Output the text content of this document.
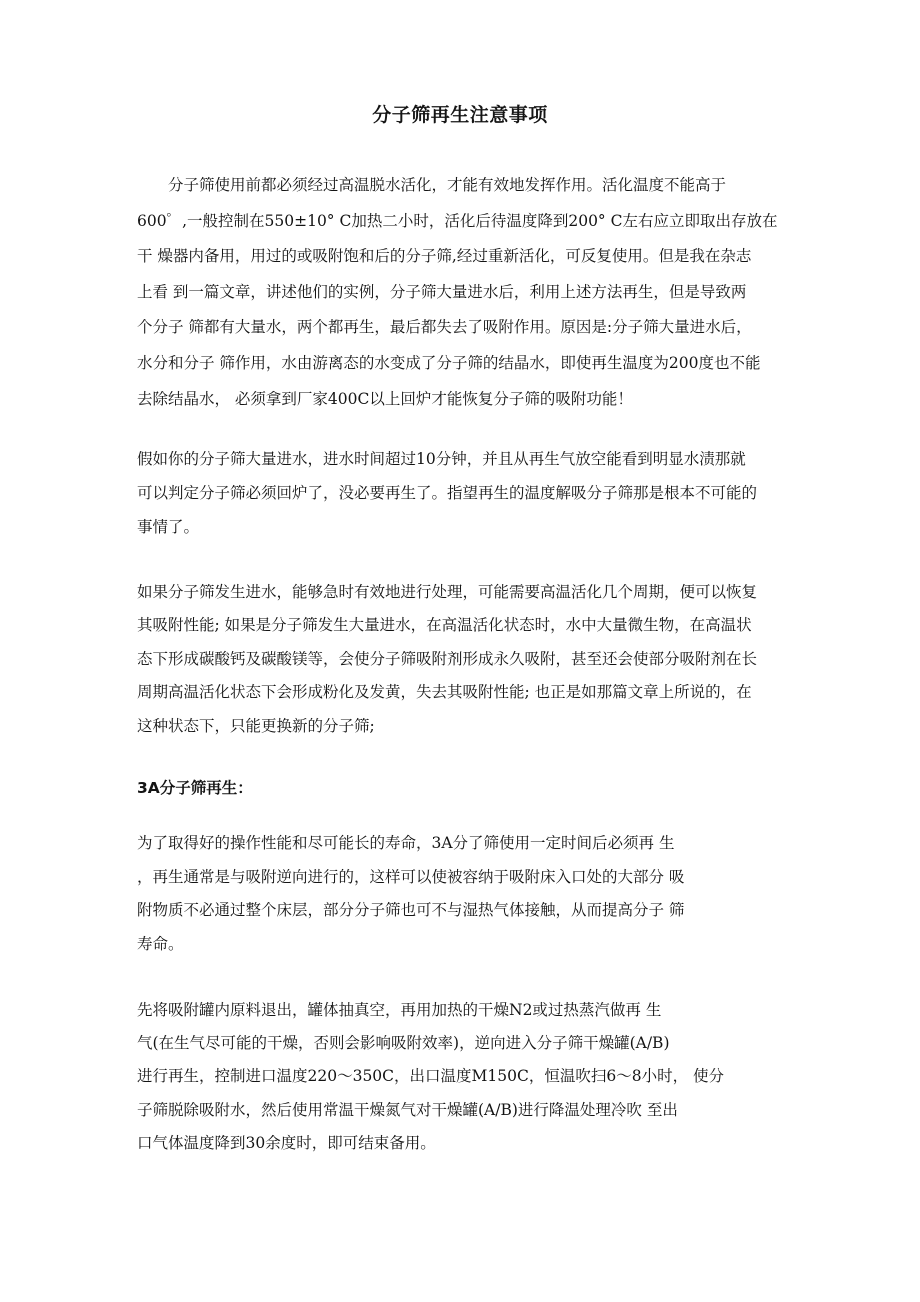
分子筛再生注意事项
　　分子筛使用前都必须经过高温脱水活化，才能有效地发挥作用。活化温度不能高于
600゜,一般控制在550±10° C加热二小时，活化后待温度降到200° C左右应立即取出存放在
干 燥器内备用，用过的或吸附饱和后的分子筛,经过重新活化，可反复使用。但是我在杂志
上看 到一篇文章，讲述他们的实例，分子筛大量进水后，利用上述方法再生，但是导致两
个分子 筛都有大量水，两个都再生，最后都失去了吸附作用。原因是:分子筛大量进水后，
水分和分子 筛作用，水由游离态的水变成了分子筛的结晶水，即使再生温度为200度也不能
去除结晶水， 必须拿到厂家400C以上回炉才能恢复分子筛的吸附功能！
假如你的分子筛大量进水，进水时间超过10分钟，并且从再生气放空能看到明显水渍那就
可以判定分子筛必须回炉了，没必要再生了。指望再生的温度解吸分子筛那是根本不可能的
事情了。
如果分子筛发生进水，能够急时有效地进行处理，可能需要高温活化几个周期，便可以恢复
其吸附性能; 如果是分子筛发生大量进水，在高温活化状态时，水中大量微生物，在高温状
态下形成碳酸钙及碳酸镁等，会使分子筛吸附剂形成永久吸附，甚至还会使部分吸附剂在长
周期高温活化状态下会形成粉化及发黄，失去其吸附性能; 也正是如那篇文章上所说的，在
这种状态下，只能更换新的分子筛;
3A分子筛再生：
为了取得好的操作性能和尽可能长的寿命，3A分了筛使用一定时间后必须再 生
，再生通常是与吸附逆向进行的，这样可以使被容纳于吸附床入口处的大部分 吸
附物质不必通过整个床层，部分分子筛也可不与湿热气体接触，从而提高分子 筛
寿命。
先将吸附罐内原料退出，罐体抽真空，再用加热的干燥N2或过热蒸汽做再 生
气(在生气尽可能的干燥，否则会影响吸附效率)，逆向进入分子筛干燥罐(A/B)
进行再生，控制进口温度220～350C，出口温度M150C，恒温吹扫6～8小时， 使分
子筛脱除吸附水，然后使用常温干燥氮气对干燥罐(A/B)进行降温处理冷吹 至出
口气体温度降到30余度时，即可结束备用。
